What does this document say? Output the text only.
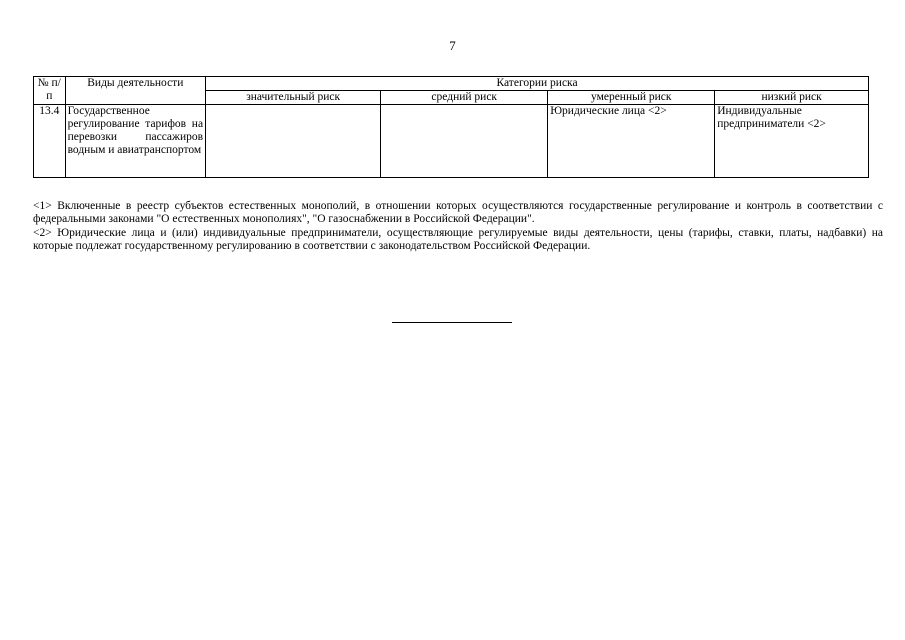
7
№ п/п	Виды деятельности	Категории риска			
		значительный риск	средний риск	умеренный риск	низкий риск
13.4	Государственное регулирование тарифов на перевозки пассажиров водным и авиатранспортом			Юридические лица <2>	Индивидуальные предприниматели <2>

<1> Включенные в реестр субъектов естественных монополий, в отношении которых осуществляются государственные регулирование и контроль в соответствии с федеральными законами "О естественных монополиях", "О газоснабжении в Российской Федерации".

<2> Юридические лица и (или) индивидуальные предприниматели, осуществляющие регулируемые виды деятельности, цены (тарифы, ставки, платы, надбавки) на которые подлежат государственному регулированию в соответствии с законодательством Российской Федерации.
